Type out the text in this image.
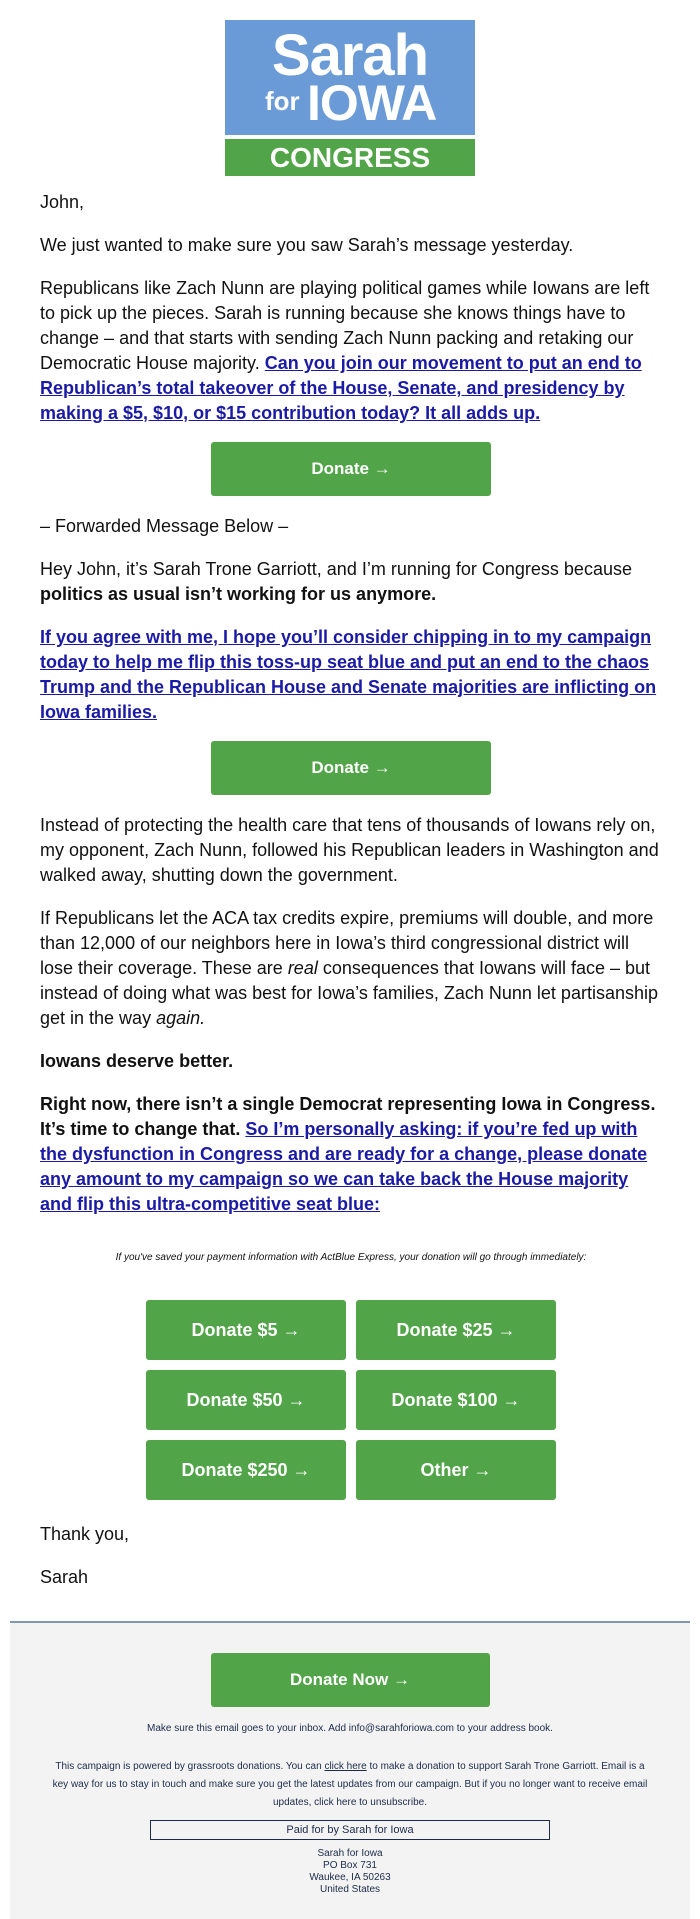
Sarah
for IOWA
CONGRESS

John,

We just wanted to make sure you saw Sarah’s message yesterday.

Republicans like Zach Nunn are playing political games while Iowans are left to pick up the pieces. Sarah is running because she knows things have to change – and that starts with sending Zach Nunn packing and retaking our Democratic House majority. Can you join our movement to put an end to Republican’s total takeover of the House, Senate, and presidency by making a $5, $10, or $15 contribution today? It all adds up.

Donate →

– Forwarded Message Below –

Hey John, it’s Sarah Trone Garriott, and I’m running for Congress because politics as usual isn’t working for us anymore.

If you agree with me, I hope you’ll consider chipping in to my campaign today to help me flip this toss-up seat blue and put an end to the chaos Trump and the Republican House and Senate majorities are inflicting on Iowa families.

Donate →

Instead of protecting the health care that tens of thousands of Iowans rely on, my opponent, Zach Nunn, followed his Republican leaders in Washington and walked away, shutting down the government.

If Republicans let the ACA tax credits expire, premiums will double, and more than 12,000 of our neighbors here in Iowa’s third congressional district will lose their coverage. These are real consequences that Iowans will face – but instead of doing what was best for Iowa’s families, Zach Nunn let partisanship get in the way again.

Iowans deserve better.

Right now, there isn’t a single Democrat representing Iowa in Congress. It’s time to change that. So I’m personally asking: if you’re fed up with the dysfunction in Congress and are ready for a change, please donate any amount to my campaign so we can take back the House majority and flip this ultra-competitive seat blue:

If you've saved your payment information with ActBlue Express, your donation will go through immediately:
Donate $5 →	Donate $25 →
Donate $50 →	Donate $100 →
Donate $250 →	Other →

Thank you,

Sarah

Donate Now →
Make sure this email goes to your inbox. Add info@sarahforiowa.com to your address book.
This campaign is powered by grassroots donations. You can click here to make a donation to support Sarah Trone Garriott. Email is a key way for us to stay in touch and make sure you get the latest updates from our campaign. But if you no longer want to receive email updates, click here to unsubscribe.
Paid for by Sarah for Iowa
Sarah for Iowa
PO Box 731
Waukee, IA 50263
United States
